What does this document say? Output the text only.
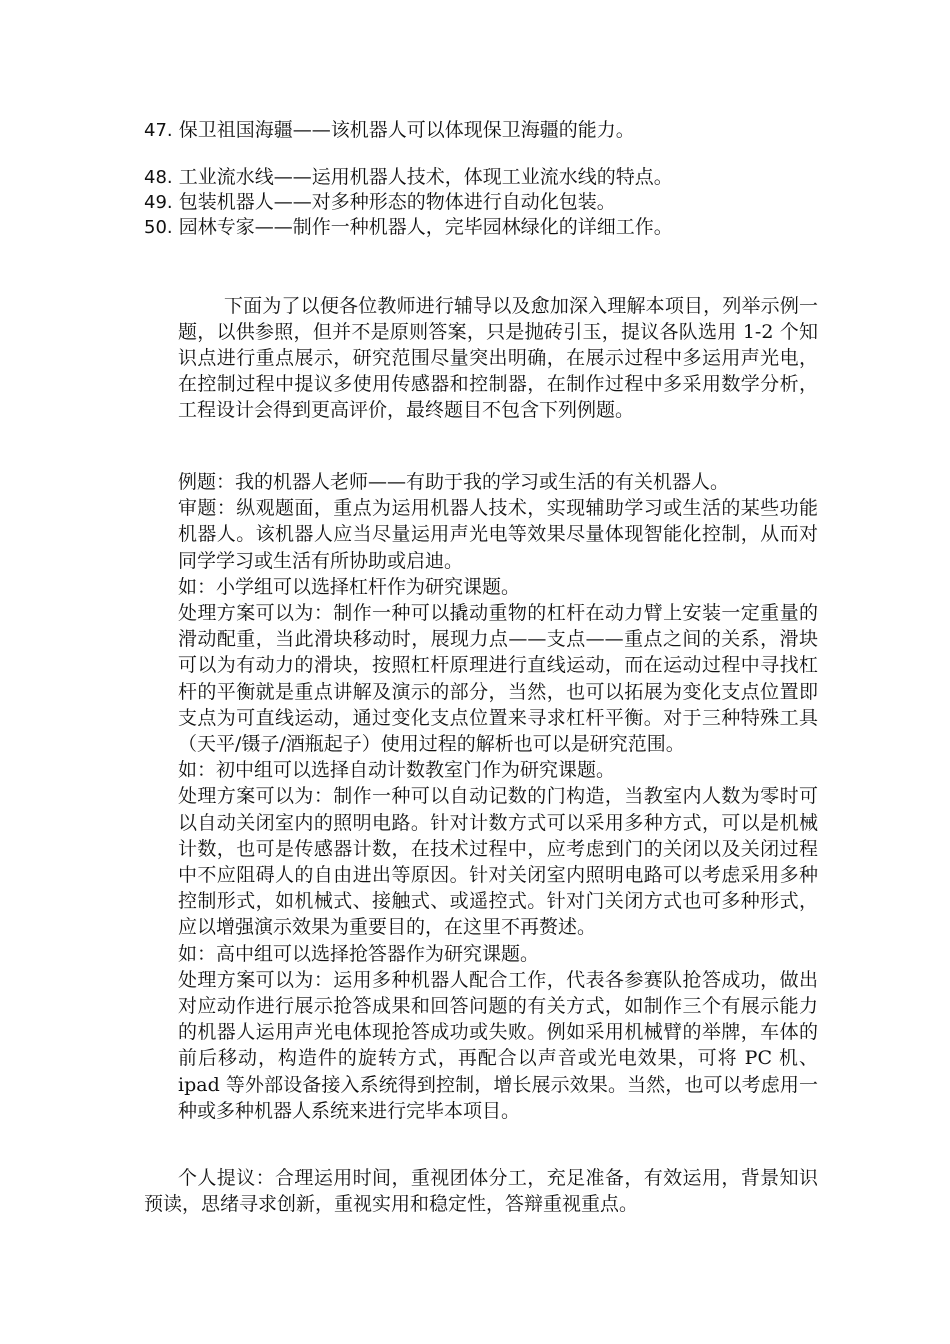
47. 保卫祖国海疆——该机器人可以体现保卫海疆的能力。
48. 工业流水线——运用机器人技术，体现工业流水线的特点。
49. 包装机器人——对多种形态的物体进行自动化包装。
50. 园林专家——制作一种机器人，完毕园林绿化的详细工作。

下面为了以便各位教师进行辅导以及愈加深入理解本项目，列举示例一题，以供参照，但并不是原则答案，只是抛砖引玉，提议各队选用 1-2 个知识点进行重点展示，研究范围尽量突出明确，在展示过程中多运用声光电，在控制过程中提议多使用传感器和控制器，在制作过程中多采用数学分析，工程设计会得到更高评价，最终题目不包含下列例题。

例题：我的机器人老师——有助于我的学习或生活的有关机器人。

审题：纵观题面，重点为运用机器人技术，实现辅助学习或生活的某些功能机器人。该机器人应当尽量运用声光电等效果尽量体现智能化控制，从而对同学学习或生活有所协助或启迪。

如：小学组可以选择杠杆作为研究课题。

处理方案可以为：制作一种可以撬动重物的杠杆在动力臂上安装一定重量的滑动配重，当此滑块移动时，展现力点——支点——重点之间的关系，滑块可以为有动力的滑块，按照杠杆原理进行直线运动，而在运动过程中寻找杠杆的平衡就是重点讲解及演示的部分，当然，也可以拓展为变化支点位置即支点为可直线运动，通过变化支点位置来寻求杠杆平衡。对于三种特殊工具（天平/镊子/酒瓶起子）使用过程的解析也可以是研究范围。

如：初中组可以选择自动计数教室门作为研究课题。

处理方案可以为：制作一种可以自动记数的门构造，当教室内人数为零时可以自动关闭室内的照明电路。针对计数方式可以采用多种方式，可以是机械计数，也可是传感器计数，在技术过程中，应考虑到门的关闭以及关闭过程中不应阻碍人的自由进出等原因。针对关闭室内照明电路可以考虑采用多种控制形式，如机械式、接触式、或遥控式。针对门关闭方式也可多种形式，应以增强演示效果为重要目的，在这里不再赘述。

如：高中组可以选择抢答器作为研究课题。

处理方案可以为：运用多种机器人配合工作，代表各参赛队抢答成功，做出对应动作进行展示抢答成果和回答问题的有关方式，如制作三个有展示能力的机器人运用声光电体现抢答成功或失败。例如采用机械臂的举牌，车体的前后移动，构造件的旋转方式，再配合以声音或光电效果，可将 PC 机、ipad 等外部设备接入系统得到控制，增长展示效果。当然，也可以考虑用一种或多种机器人系统来进行完毕本项目。

个人提议：合理运用时间，重视团体分工，充足准备，有效运用，背景知识预读，思绪寻求创新，重视实用和稳定性，答辩重视重点。
